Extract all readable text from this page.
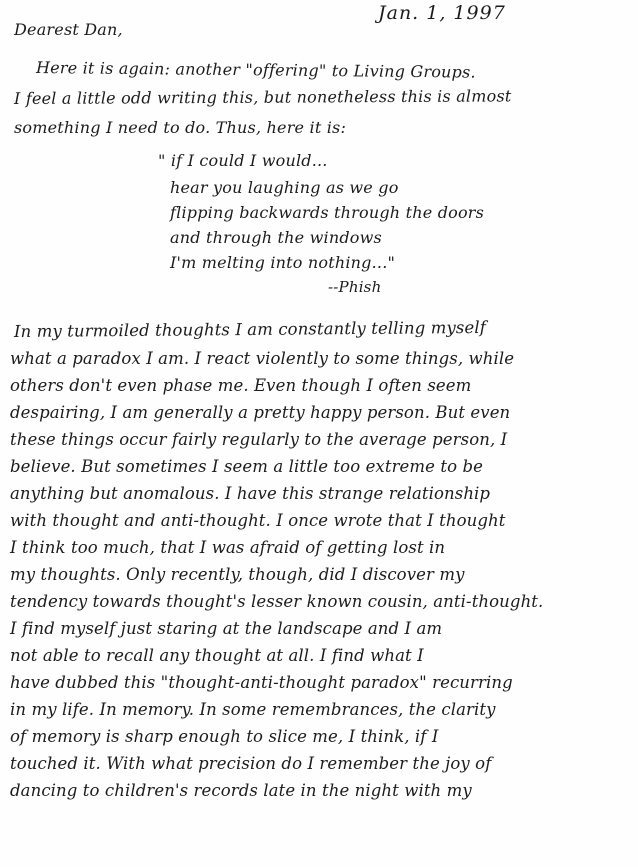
Jan. 1, 1997
Dearest Dan,
Here it is again: another "offering" to Living Groups.
I feel a little odd writing this, but nonetheless this is almost
something I need to do. Thus, here it is:
" if I could I would...
hear you laughing as we go
flipping backwards through the doors
and through the windows
I'm melting into nothing..."
--Phish
In my turmoiled thoughts I am constantly telling myself
what a paradox I am. I react violently to some things, while
others don't even phase me. Even though I often seem
despairing, I am generally a pretty happy person. But even
these things occur fairly regularly to the average person, I
believe. But sometimes I seem a little too extreme to be
anything but anomalous. I have this strange relationship
with thought and anti-thought. I once wrote that I thought
I think too much, that I was afraid of getting lost in
my thoughts. Only recently, though, did I discover my
tendency towards thought's lesser known cousin, anti-thought.
I find myself just staring at the landscape and I am
not able to recall any thought at all. I find what I
have dubbed this "thought-anti-thought paradox" recurring
in my life. In memory. In some remembrances, the clarity
of memory is sharp enough to slice me, I think, if I
touched it. With what precision do I remember the joy of
dancing to children's records late in the night with my
